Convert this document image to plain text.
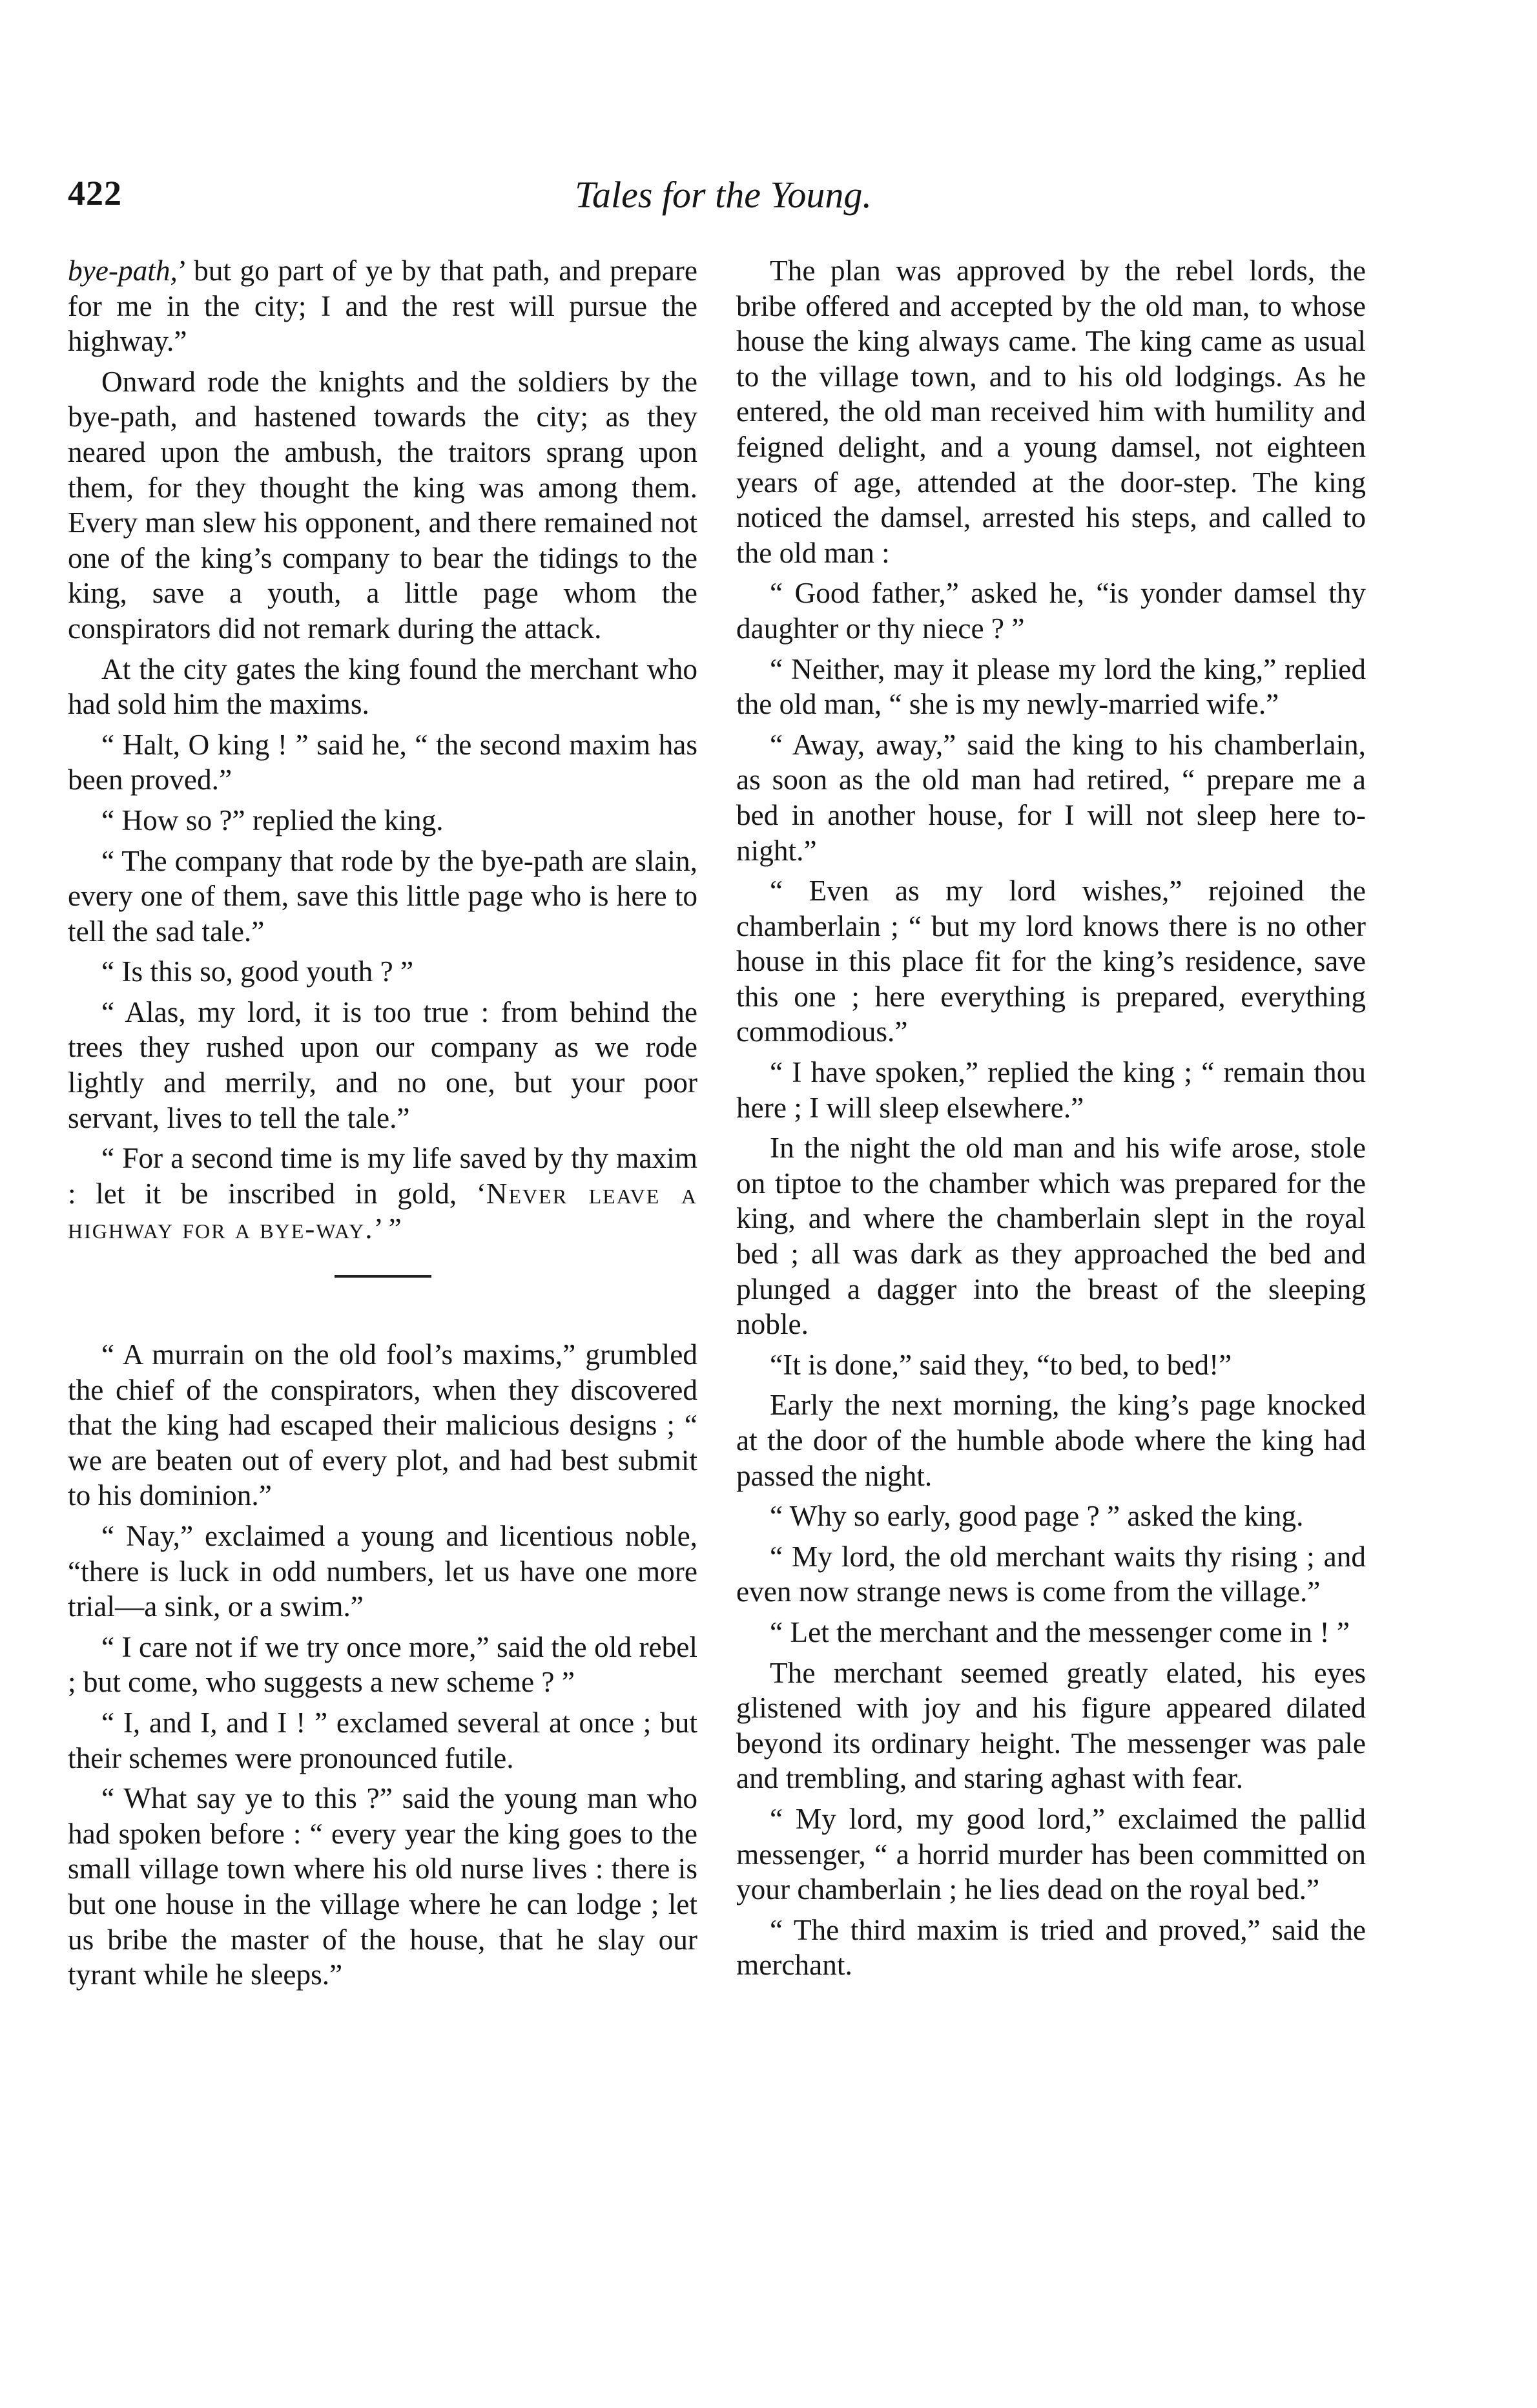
422	Tales for the Young.

bye-path,’ but go part of ye by that path, and prepare for me in the city; I and the rest will pursue the highway.”

Onward rode the knights and the soldiers by the bye-path, and hastened towards the city; as they neared upon the ambush, the traitors sprang upon them, for they thought the king was among them. Every man slew his opponent, and there remained not one of the king’s company to bear the tidings to the king, save a youth, a little page whom the conspirators did not remark during the attack.

At the city gates the king found the merchant who had sold him the maxims.

“ Halt, O king ! ” said he, “ the second maxim has been proved.”

“ How so ?” replied the king.

“ The company that rode by the bye-path are slain, every one of them, save this little page who is here to tell the sad tale.”

“ Is this so, good youth ? ”

“ Alas, my lord, it is too true : from behind the trees they rushed upon our company as we rode lightly and merrily, and no one, but your poor servant, lives to tell the tale.”

“ For a second time is my life saved by thy maxim : let it be inscribed in gold, ‘Never leave a highway for a bye-way.’ ”

“ A murrain on the old fool’s maxims,” grumbled the chief of the conspirators, when they discovered that the king had escaped their malicious designs ; “ we are beaten out of every plot, and had best submit to his dominion.”

“ Nay,” exclaimed a young and licentious noble, “there is luck in odd numbers, let us have one more trial—a sink, or a swim.”

“ I care not if we try once more,” said the old rebel ; but come, who suggests a new scheme ? ”

“ I, and I, and I ! ” exclamed several at once ; but their schemes were pronounced futile.

“ What say ye to this ?” said the young man who had spoken before : “ every year the king goes to the small village town where his old nurse lives : there is but one house in the village where he can lodge ; let us bribe the master of the house, that he slay our tyrant while he sleeps.”

The plan was approved by the rebel lords, the bribe offered and accepted by the old man, to whose house the king always came. The king came as usual to the village town, and to his old lodgings. As he entered, the old man received him with humility and feigned delight, and a young damsel, not eighteen years of age, attended at the door-step. The king noticed the damsel, arrested his steps, and called to the old man :

“ Good father,” asked he, “is yonder damsel thy daughter or thy niece ? ”

“ Neither, may it please my lord the king,” replied the old man, “ she is my newly-married wife.”

“ Away, away,” said the king to his chamberlain, as soon as the old man had retired, “ prepare me a bed in another house, for I will not sleep here to-night.”

“ Even as my lord wishes,” rejoined the chamberlain ; “ but my lord knows there is no other house in this place fit for the king’s residence, save this one ; here everything is prepared, everything commodious.”

“ I have spoken,” replied the king ; “ remain thou here ; I will sleep elsewhere.”

In the night the old man and his wife arose, stole on tiptoe to the chamber which was prepared for the king, and where the chamberlain slept in the royal bed ; all was dark as they approached the bed and plunged a dagger into the breast of the sleeping noble.

“It is done,” said they, “to bed, to bed!”

Early the next morning, the king’s page knocked at the door of the humble abode where the king had passed the night.

“ Why so early, good page ? ” asked the king.

“ My lord, the old merchant waits thy rising ; and even now strange news is come from the village.”

“ Let the merchant and the messenger come in ! ”

The merchant seemed greatly elated, his eyes glistened with joy and his figure appeared dilated beyond its ordinary height. The messenger was pale and trembling, and staring aghast with fear.

“ My lord, my good lord,” exclaimed the pallid messenger, “ a horrid murder has been committed on your chamberlain ; he lies dead on the royal bed.”

“ The third maxim is tried and proved,” said the merchant.
